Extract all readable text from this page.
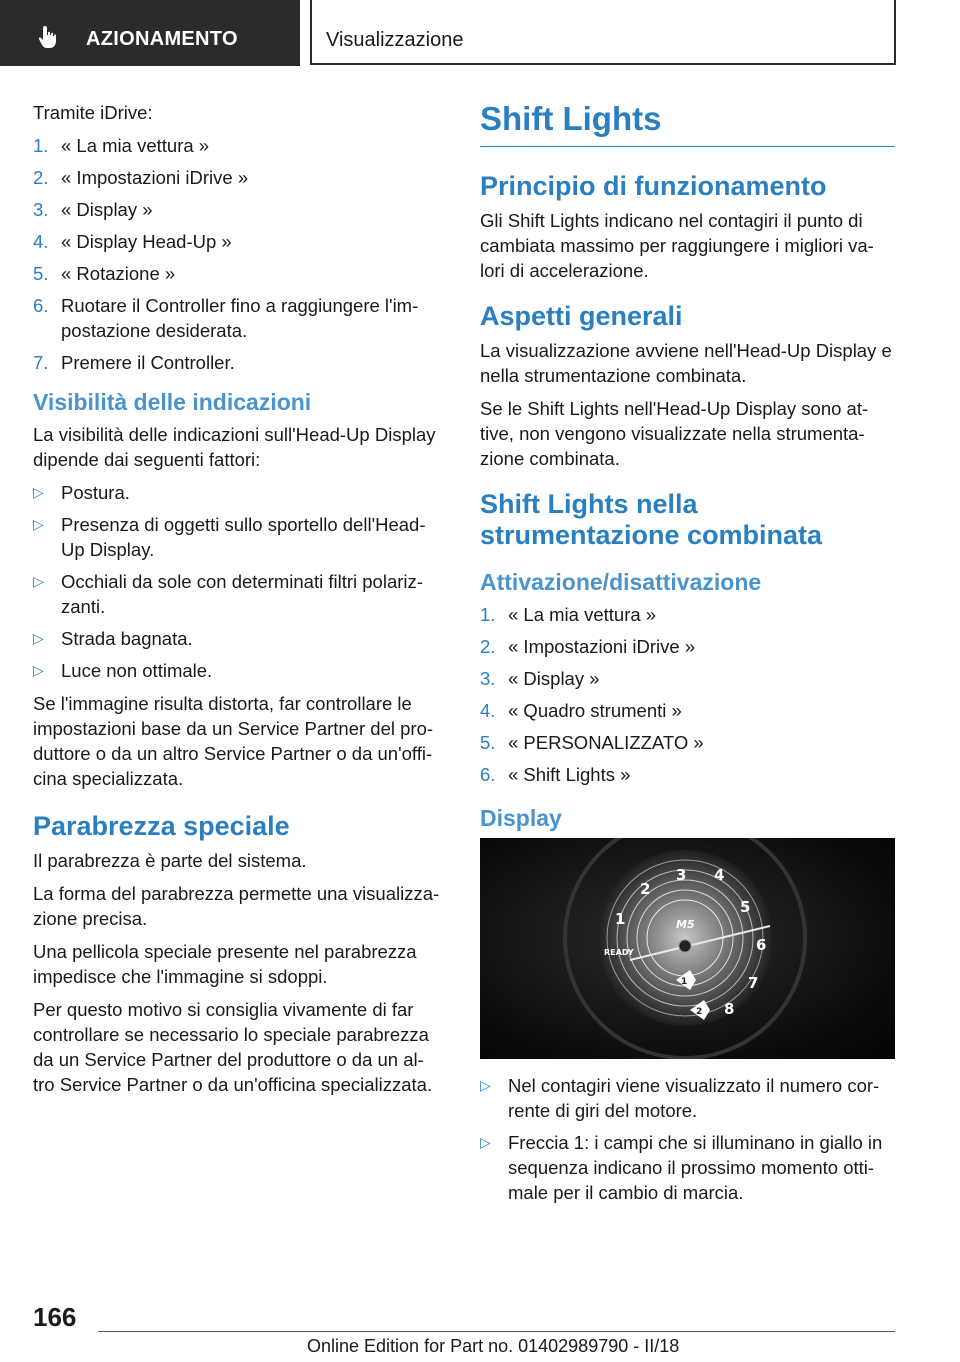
AZIONAMENTO	Visualizzazione

Tramite iDrive:

1. « La mia vettura »
2. « Impostazioni iDrive »
3. « Display »
4. « Display Head-Up »
5. « Rotazione »
6. Ruotare il Controller fino a raggiungere l'im-postazione desiderata.
7. Premere il Controller.
Visibilità delle indicazioni

La visibilità delle indicazioni sull'Head-Up Display dipende dai seguenti fattori:

▷ Postura.
▷ Presenza di oggetti sullo sportello dell'Head-Up Display.
▷ Occhiali da sole con determinati filtri polariz-zanti.
▷ Strada bagnata.
▷ Luce non ottimale.

Se l'immagine risulta distorta, far controllare le impostazioni base da un Service Partner del pro-duttore o da un altro Service Partner o da un'offi-cina specializzata.

Parabrezza speciale

Il parabrezza è parte del sistema.

La forma del parabrezza permette una visualizza-zione precisa.

Una pellicola speciale presente nel parabrezza impedisce che l'immagine si sdoppi.

Per questo motivo si consiglia vivamente di far controllare se necessario lo speciale parabrezza da un Service Partner del produttore o da un al-tro Service Partner o da un'officina specializzata.

Shift Lights
Principio di funzionamento

Gli Shift Lights indicano nel contagiri il punto di cambiata massimo per raggiungere i migliori va-lori di accelerazione.

Aspetti generali

La visualizzazione avviene nell'Head-Up Display e nella strumentazione combinata.

Se le Shift Lights nell'Head-Up Display sono at-tive, non vengono visualizzate nella strumenta-zione combinata.

Shift Lights nella strumentazione combinata
Attivazione/disattivazione
1. « La mia vettura »
2. « Impostazioni iDrive »
3. « Display »
4. « Quadro strumenti »
5. « PERSONALIZZATO »
6. « Shift Lights »
Display
1
2
3 4
5
6
7
8
M5
READY
1
2
▷ Nel contagiri viene visualizzato il numero cor-rente di giri del motore.
▷ Freccia 1: i campi che si illuminano in giallo in sequenza indicano il prossimo momento otti-male per il cambio di marcia.
166
Online Edition for Part no. 01402989790 - II/18
